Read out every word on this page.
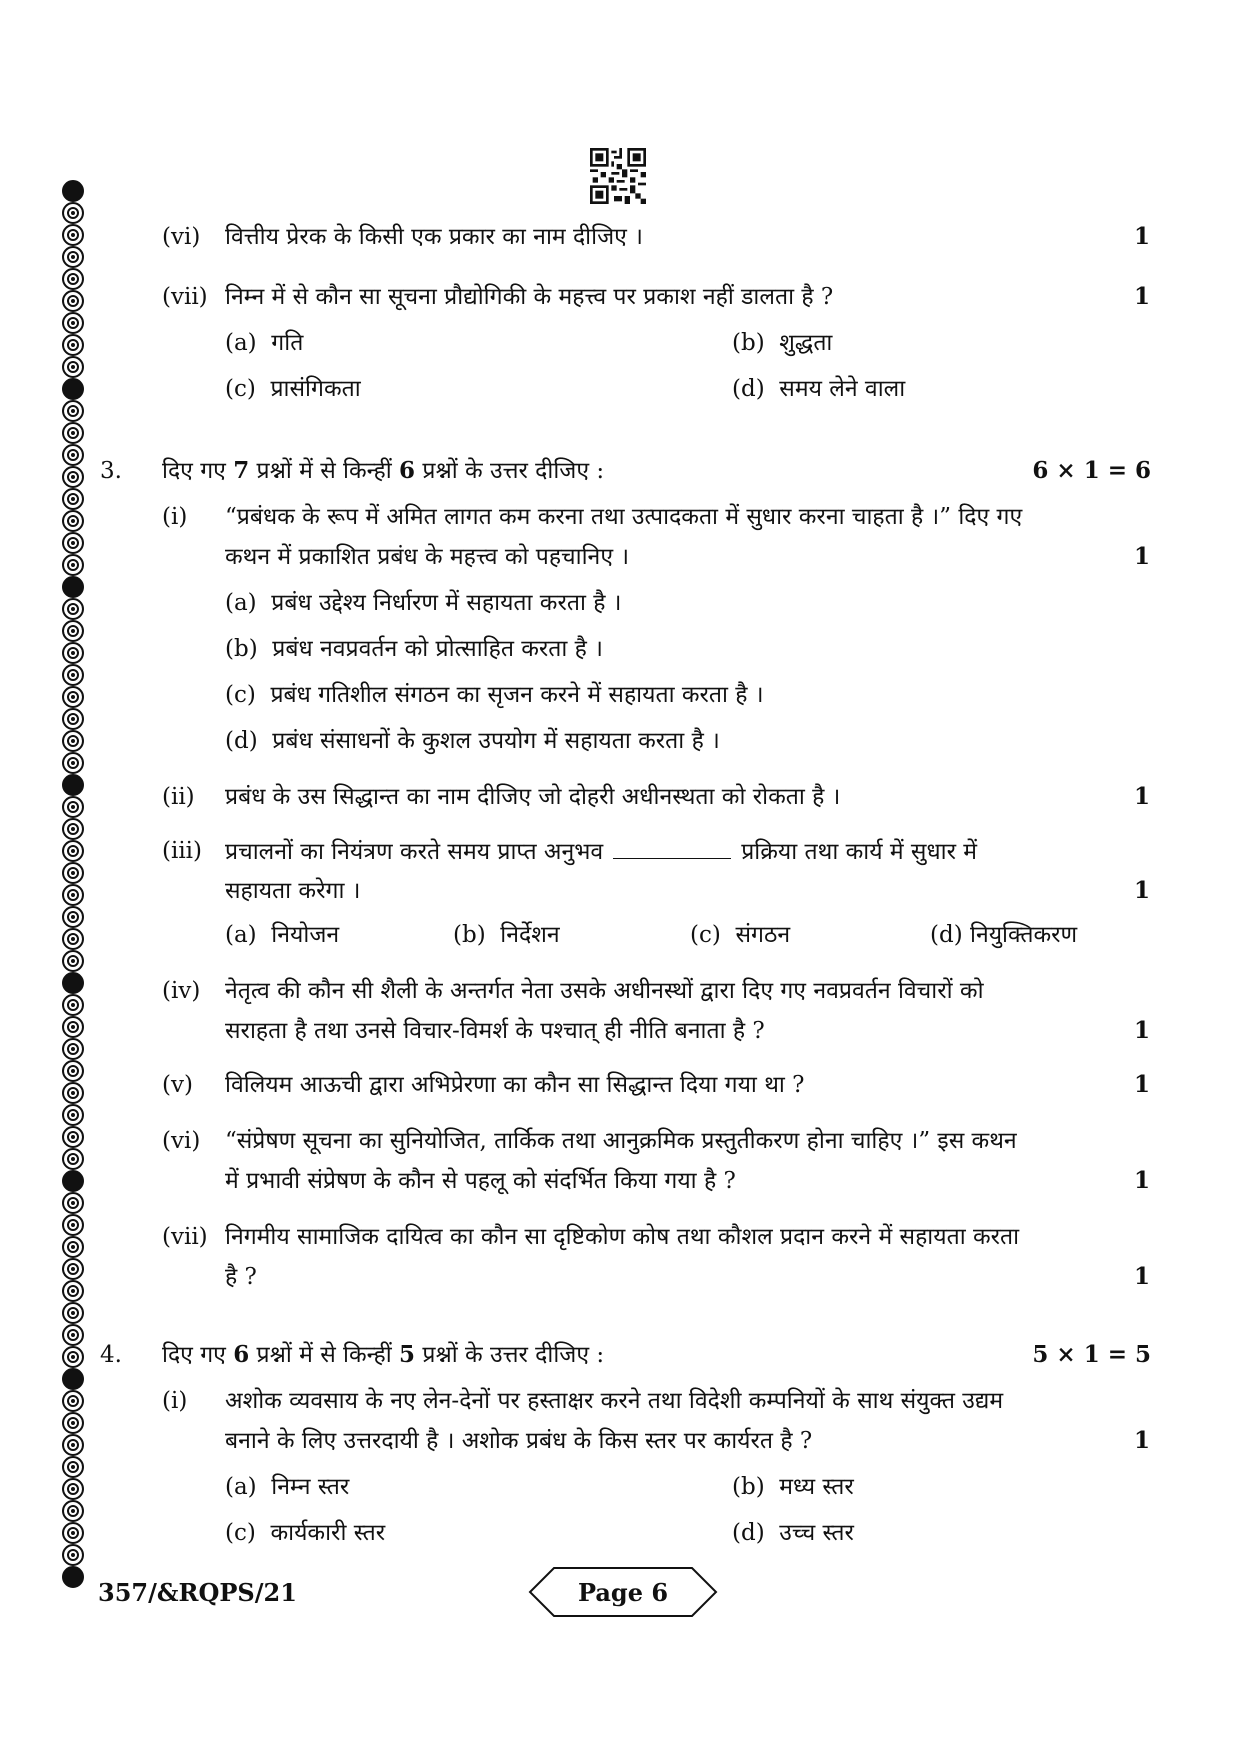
(vi) वित्तीय प्रेरक के किसी एक प्रकार का नाम दीजिए ।	1
(vii) निम्न में से कौन सा सूचना प्रौद्योगिकी के महत्त्व पर प्रकाश नहीं डालता है ?	1
(a) गति	(b) शुद्धता
(c) प्रासंगिकता	(d) समय लेने वाला
3. दिए गए 7 प्रश्नों में से किन्हीं 6 प्रश्नों के उत्तर दीजिए :	6 × 1 = 6
(i) “प्रबंधक के रूप में अमित लागत कम करना तथा उत्पादकता में सुधार करना चाहता है ।” दिए गए
कथन में प्रकाशित प्रबंध के महत्त्व को पहचानिए ।	1
(a) प्रबंध उद्देश्य निर्धारण में सहायता करता है ।
(b) प्रबंध नवप्रवर्तन को प्रोत्साहित करता है ।
(c) प्रबंध गतिशील संगठन का सृजन करने में सहायता करता है ।
(d) प्रबंध संसाधनों के कुशल उपयोग में सहायता करता है ।
(ii) प्रबंध के उस सिद्धान्त का नाम दीजिए जो दोहरी अधीनस्थता को रोकता है ।	1
(iii) प्रचालनों का नियंत्रण करते समय प्राप्त अनुभव	प्रक्रिया तथा कार्य में सुधार में
सहायता करेगा ।	1
(a) नियोजन	(b) निर्देशन	(c) संगठन	(d) नियुक्तिकरण
(iv) नेतृत्व की कौन सी शैली के अन्तर्गत नेता उसके अधीनस्थों द्वारा दिए गए नवप्रवर्तन विचारों को
सराहता है तथा उनसे विचार-विमर्श के पश्चात् ही नीति बनाता है ?	1
(v) विलियम आऊची द्वारा अभिप्रेरणा का कौन सा सिद्धान्त दिया गया था ?	1
(vi) “संप्रेषण सूचना का सुनियोजित, तार्किक तथा आनुक्रमिक प्रस्तुतीकरण होना चाहिए ।” इस कथन
में प्रभावी संप्रेषण के कौन से पहलू को संदर्भित किया गया है ?	1
(vii) निगमीय सामाजिक दायित्व का कौन सा दृष्टिकोण कोष तथा कौशल प्रदान करने में सहायता करता
है ?	1
4. दिए गए 6 प्रश्नों में से किन्हीं 5 प्रश्नों के उत्तर दीजिए :	5 × 1 = 5
(i) अशोक व्यवसाय के नए लेन-देनों पर हस्ताक्षर करने तथा विदेशी कम्पनियों के साथ संयुक्त उद्यम
बनाने के लिए उत्तरदायी है । अशोक प्रबंध के किस स्तर पर कार्यरत है ?	1
(a) निम्न स्तर	(b) मध्य स्तर
(c) कार्यकारी स्तर	(d) उच्च स्तर
357/&RQPS/21	Page 6
